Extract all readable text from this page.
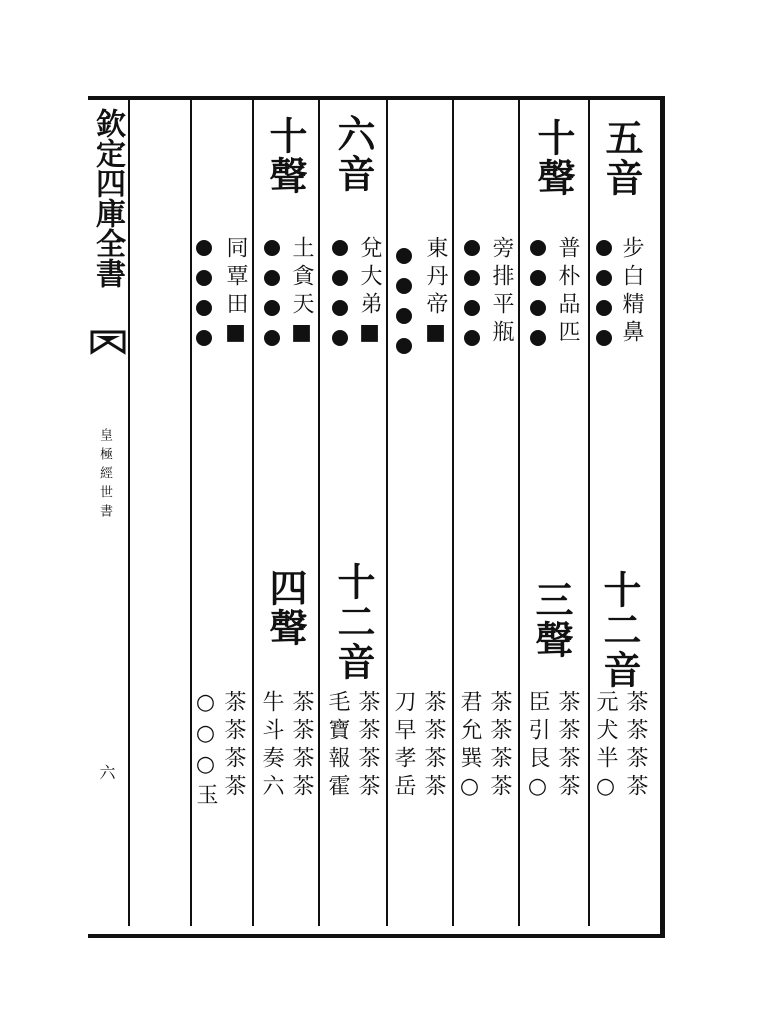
欽定四庫全書
皇極經世書
六
五音
步白精鼻
十二音
茶茶茶茶
元犬半○
十聲
普朴品匹
三聲
茶茶茶茶
臣引艮○
旁排平瓶
茶茶茶茶
君允巽○
東丹帝■
茶茶茶茶
刀早孝岳
六音
兌大弟■
十二音
茶茶茶茶
毛寶報霍
十聲
土貪天■
四聲
茶茶茶茶
牛斗奏六
同覃田■
茶茶茶茶
○○○玉
